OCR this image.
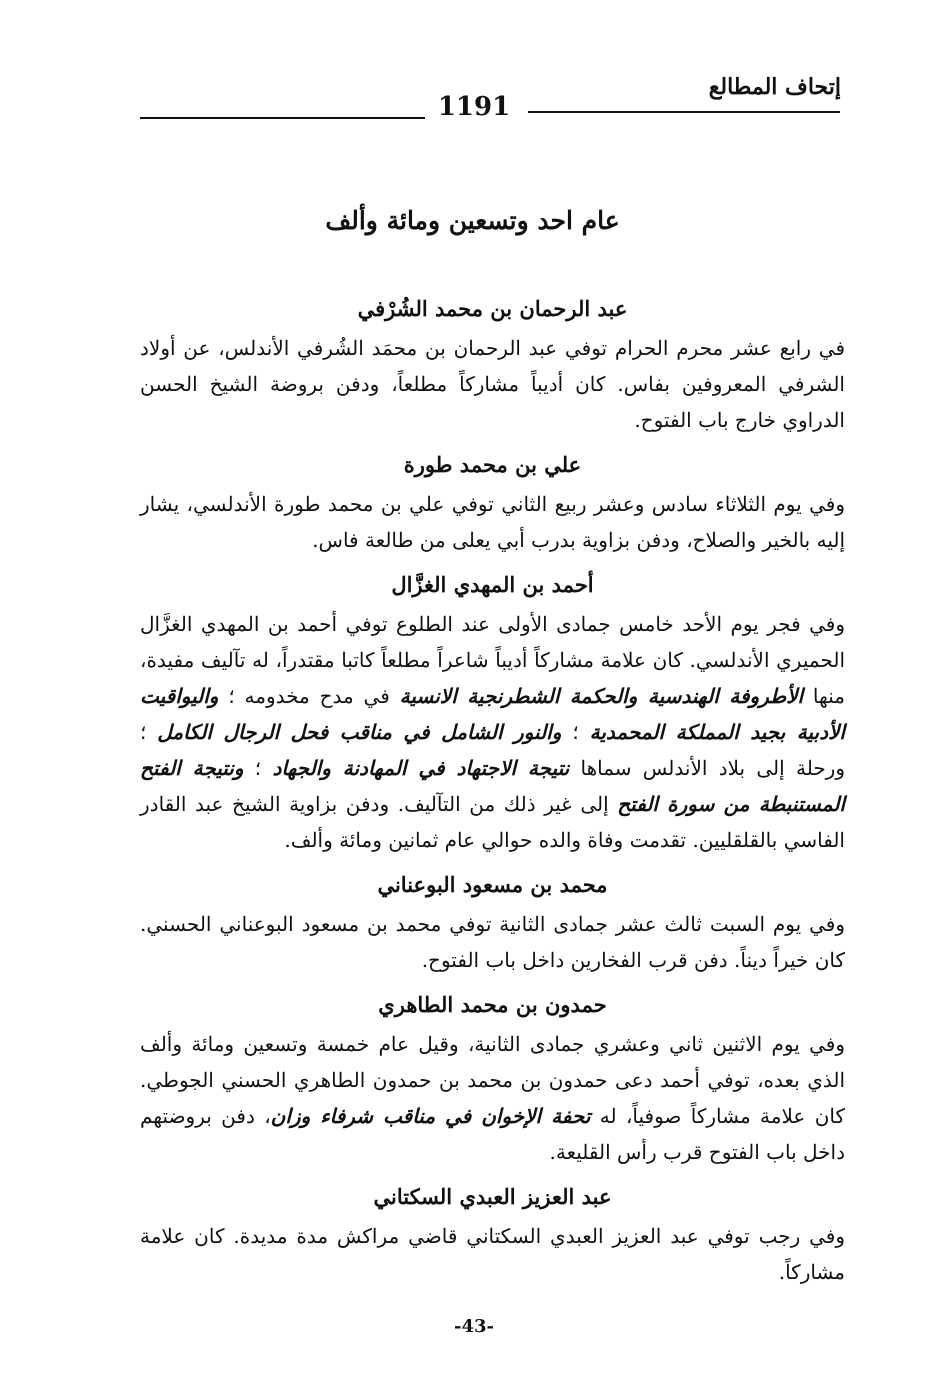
إتحاف المطالع
1191
عام احد وتسعين ومائة وألف
عبد الرحمان بن محمد الشُرْفي

في رابع عشر محرم الحرام توفي عبد الرحمان بن محمَد الشُرفي الأندلس، عن أولاد الشرفي المعروفين بفاس. كان أديباً مشاركاً مطلعاً، ودفن بروضة الشيخ الحسن الدراوي خارج باب الفتوح.

علي بن محمد طورة

وفي يوم الثلاثاء سادس وعشر ربيع الثاني توفي علي بن محمد طورة الأندلسي، يشار إليه بالخير والصلاح، ودفن بزاوية بدرب أبي يعلى من طالعة فاس.

أحمد بن المهدي الغزَّال

وفي فجر يوم الأحد خامس جمادى الأولى عند الطلوع توفي أحمد بن المهدي الغزَّال الحميري الأندلسي. كان علامة مشاركاً أديباً شاعراً مطلعاً كاتبا مقتدراً، له تآليف مفيدة، منها الأطروفة الهندسية والحكمة الشطرنجية الانسية في مدح مخدومه ؛ واليواقيت الأدبية بجيد المملكة المحمدية ؛ والنور الشامل في مناقب فحل الرجال الكامل ؛ ورحلة إلى بلاد الأندلس سماها نتيجة الاجتهاد في المهادنة والجهاد ؛ ونتيجة الفتح المستنبطة من سورة الفتح إلى غير ذلك من التآليف. ودفن بزاوية الشيخ عبد القادر الفاسي بالقلقليين. تقدمت وفاة والده حوالي عام ثمانين ومائة وألف.

محمد بن مسعود البوعناني

وفي يوم السبت ثالث عشر جمادى الثانية توفي محمد بن مسعود البوعناني الحسني. كان خيراً ديناً. دفن قرب الفخارين داخل باب الفتوح.

حمدون بن محمد الطاهري

وفي يوم الاثنين ثاني وعشري جمادى الثانية، وقيل عام خمسة وتسعين ومائة وألف الذي بعده، توفي أحمد دعى حمدون بن محمد بن حمدون الطاهري الحسني الجوطي. كان علامة مشاركاً صوفياً، له تحفة الإخوان في مناقب شرفاء وزان، دفن بروضتهم داخل باب الفتوح قرب رأس القليعة.

عبد العزيز العبدي السكتاني

وفي رجب توفي عبد العزيز العبدي السكتاني قاضي مراكش مدة مديدة. كان علامة مشاركاً.

-43-
